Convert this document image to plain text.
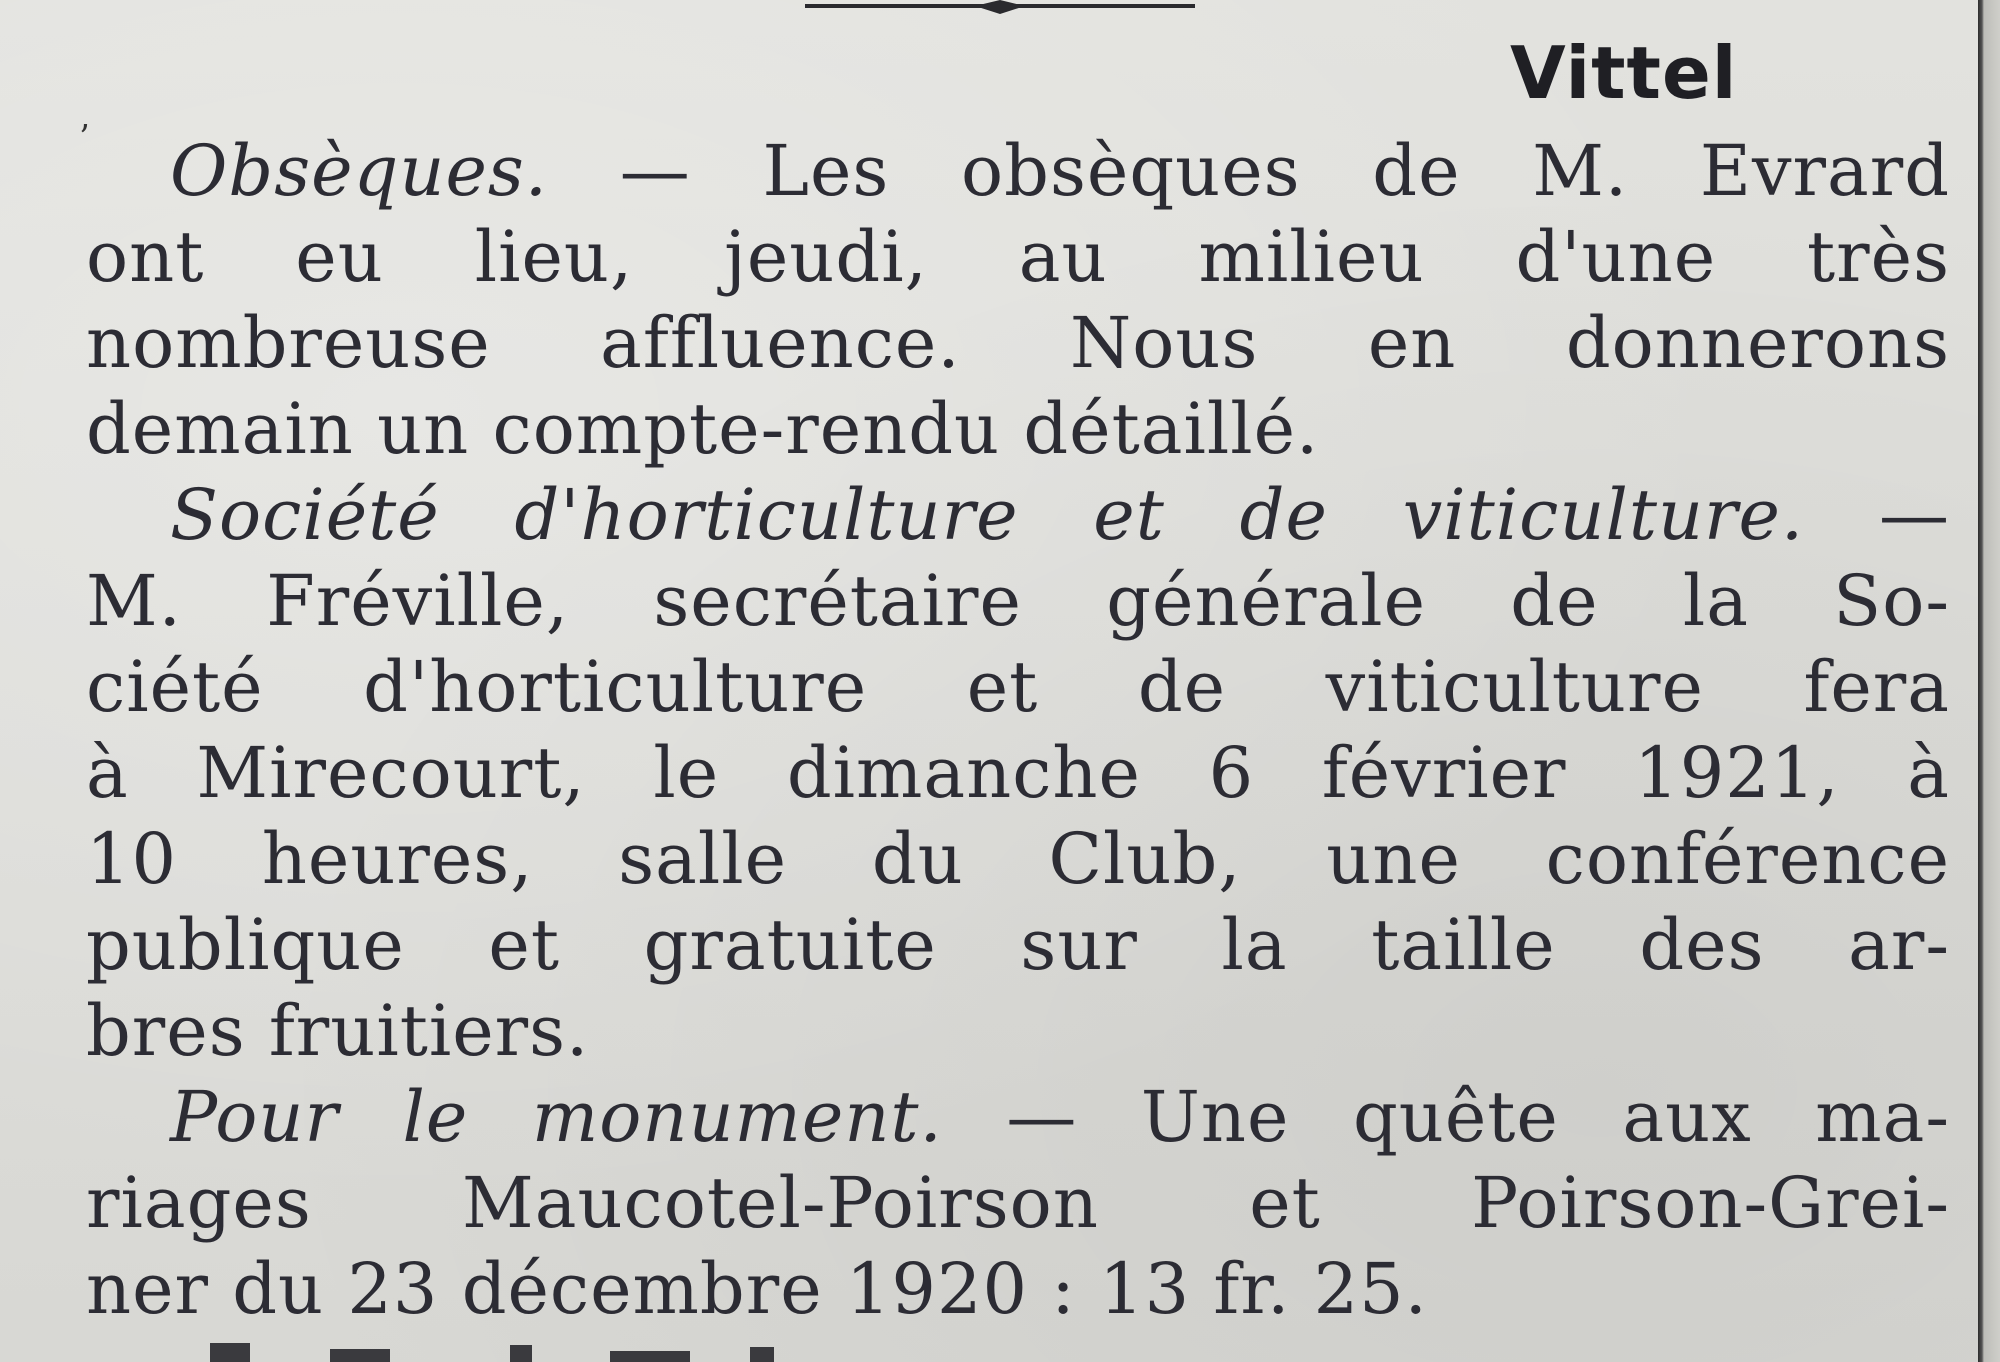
Vittel
ʼ	Obsèques. — Les obsèques de M. Evrard
ont eu lieu, jeudi, au milieu d'une très
nombreuse affluence. Nous en donnerons
demain un compte-rendu détaillé.
Société d'horticulture et de viticulture. —
M. Fréville, secrétaire générale de la So-
ciété d'horticulture et de viticulture fera
à Mirecourt, le dimanche 6 février 1921, à
10 heures, salle du Club, une conférence
publique et gratuite sur la taille des ar-
bres fruitiers.
Pour le monument. — Une quête aux ma-
riages Maucotel-Poirson et Poirson-Grei-
ner du 23 décembre 1920 : 13 fr. 25.
